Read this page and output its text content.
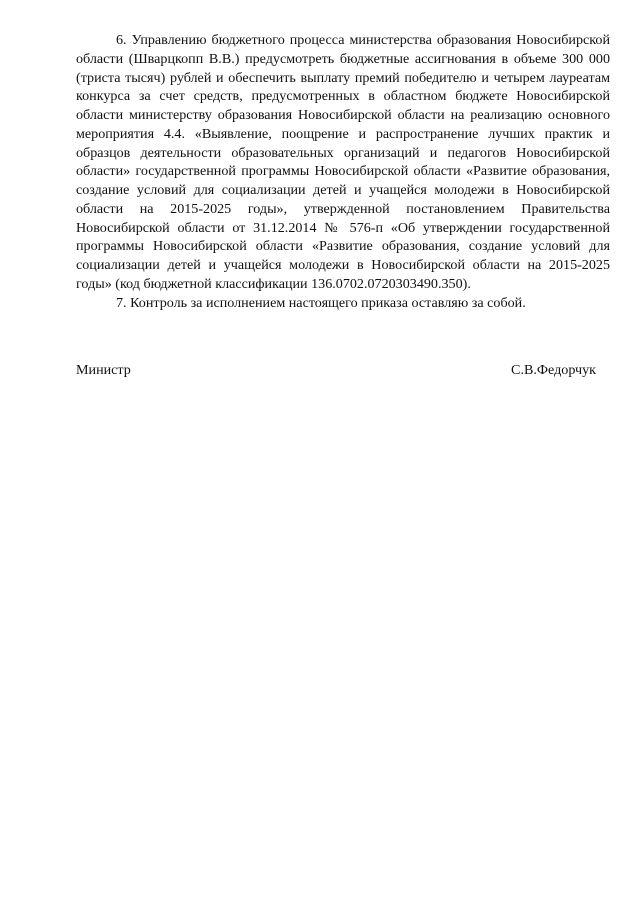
6. Управлению бюджетного процесса министерства образования Новосибирской области (Шварцкопп В.В.) предусмотреть бюджетные ассигнования в объеме 300 000 (триста тысяч) рублей и обеспечить выплату премий победителю и четырем лауреатам конкурса за счет средств, предусмотренных в областном бюджете Новосибирской области министерству образования Новосибирской области на реализацию основного мероприятия 4.4. «Выявление, поощрение и распространение лучших практик и образцов деятельности образовательных организаций и педагогов Новосибирской области» государственной программы Новосибирской области «Развитие образования, создание условий для социализации детей и учащейся молодежи в Новосибирской области на 2015-2025 годы», утвержденной постановлением Правительства Новосибирской области от 31.12.2014 № 576-п «Об утверждении государственной программы Новосибирской области «Развитие образования, создание условий для социализации детей и учащейся молодежи в Новосибирской области на 2015-2025 годы» (код бюджетной классификации 136.0702.0720303490.350).

7. Контроль за исполнением настоящего приказа оставляю за собой.

Министр	С.В.Федорчук
